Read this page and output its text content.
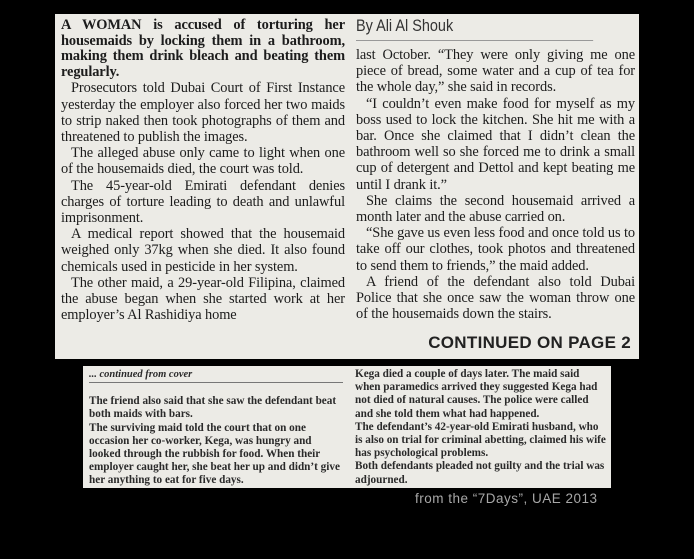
A WOMAN is accused of torturing her housemaids by locking them in a bathroom, making them drink bleach and beating them regularly.

Prosecutors told Dubai Court of First Instance yesterday the employer also forced her two maids to strip naked then took photographs of them and threatened to publish the images.

The alleged abuse only came to light when one of the housemaids died, the court was told.

The 45-year-old Emirati defendant denies charges of torture leading to death and unlawful imprisonment.

A medical report showed that the housemaid weighed only 37kg when she died. It also found chemicals used in pesticide in her system.

The other maid, a 29-year-old Filipina, claimed the abuse began when she started work at her employer’s Al Rashidiya home

By Ali Al Shouk

last October. “They were only giving me one piece of bread, some water and a cup of tea for the whole day,” she said in records.

“I couldn’t even make food for myself as my boss used to lock the kitchen. She hit me with a bar. Once she claimed that I didn’t clean the bathroom well so she forced me to drink a small cup of detergent and Dettol and kept beating me until I drank it.”

She claims the second housemaid arrived a month later and the abuse carried on.

“She gave us even less food and once told us to take off our clothes, took photos and threatened to send them to friends,” the maid added.

A friend of the defendant also told Dubai Police that she once saw the woman throw one of the housemaids down the stairs.

CONTINUED ON PAGE 2

... continued from cover

The friend also said that she saw the defendant beat both maids with bars.

The surviving maid told the court that on one occasion her co-worker, Kega, was hungry and looked through the rubbish for food. When their employer caught her, she beat her up and didn’t give her anything to eat for five days.

Kega died a couple of days later. The maid said when paramedics arrived they suggested Kega had not died of natural causes. The police were called and she told them what had happened.

The defendant’s 42-year-old Emirati husband, who is also on trial for criminal abetting, claimed his wife has psychological problems.

Both defendants pleaded not guilty and the trial was adjourned.

from the “7Days”, UAE 2013
